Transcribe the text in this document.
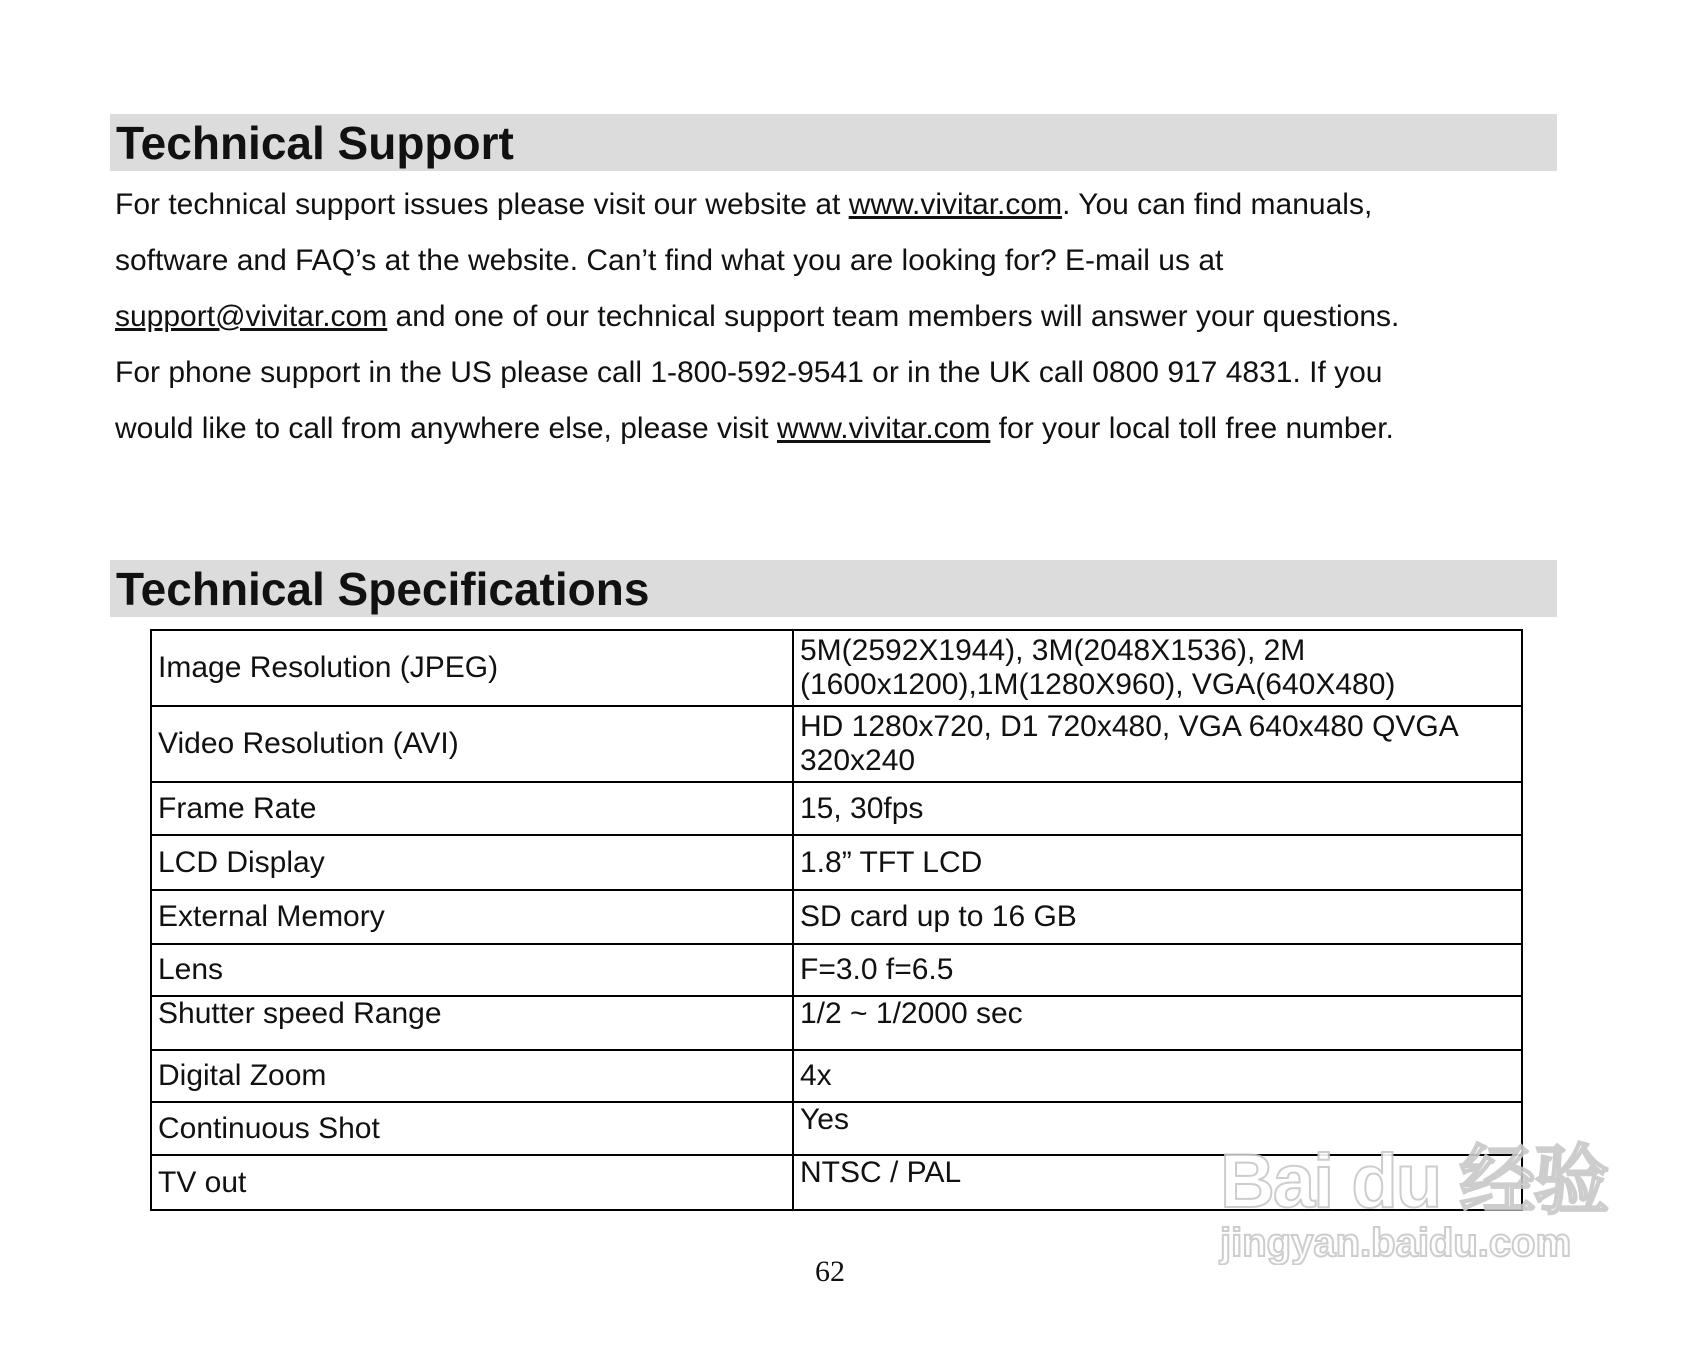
Technical Support
For technical support issues please visit our website at www.vivitar.com. You can find manuals,
software and FAQ’s at the website. Can’t find what you are looking for? E-mail us at
support@vivitar.com and one of our technical support team members will answer your questions.
For phone support in the US please call 1-800-592-9541 or in the UK call 0800 917 4831. If you
would like to call from anywhere else, please visit www.vivitar.com for your local toll free number.
Technical Specifications
Image Resolution (JPEG)	5M(2592X1944), 3M(2048X1536), 2M (1600x1200),1M(1280X960), VGA(640X480)
Video Resolution (AVI)	HD 1280x720, D1 720x480, VGA 640x480 QVGA 320x240
Frame Rate	15, 30fps
LCD Display	1.8” TFT LCD
External Memory	SD card up to 16 GB
Lens	F=3.0 f=6.5
Shutter speed Range	1/2 ~ 1/2000 sec
Digital Zoom	4x
Continuous Shot	Yes
TV out	NTSC / PAL
62
Bai du 经验
jingyan.baidu.com
